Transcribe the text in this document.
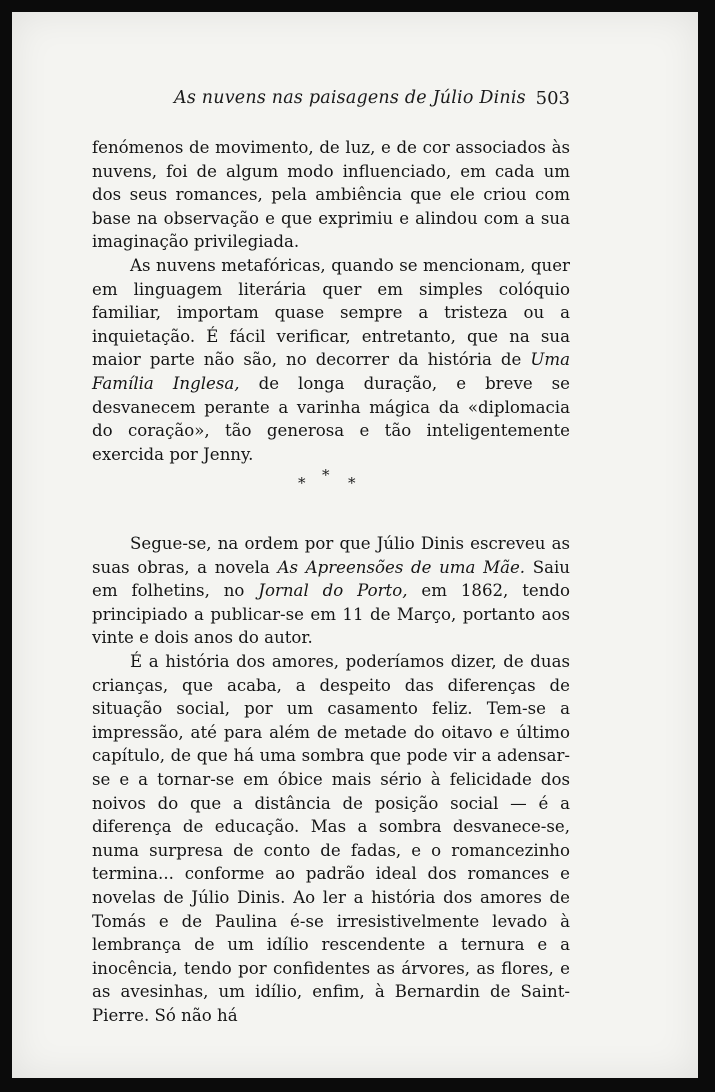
As nuvens nas paisagens de Júlio Dinis 503

fenómenos de movimento, de luz, e de cor associados às nuvens, foi de algum modo influenciado, em cada um dos seus romances, pela ambiência que ele criou com base na observação e que exprimiu e alindou com a sua imaginação privilegiada.

As nuvens metafóricas, quando se mencionam, quer em linguagem literária quer em simples colóquio familiar, importam quase sempre a tristeza ou a inquietação. É fácil verificar, entretanto, que na sua maior parte não são, no decorrer da história de Uma Família Inglesa, de longa duração, e breve se desvanecem perante a varinha mágica da «diplomacia do coração», tão generosa e tão inteligentemente exercida por Jenny.

* * *

Segue-se, na ordem por que Júlio Dinis escreveu as suas obras, a novela As Apreensões de uma Mãe. Saiu em folhetins, no Jornal do Porto, em 1862, tendo principiado a publicar-se em 11 de Março, portanto aos vinte e dois anos do autor.

É a história dos amores, poderíamos dizer, de duas crianças, que acaba, a despeito das diferenças de situação social, por um casamento feliz. Tem-se a impressão, até para além de metade do oitavo e último capítulo, de que há uma sombra que pode vir a adensar-se e a tornar-se em óbice mais sério à felicidade dos noivos do que a distância de posição social — é a diferença de educação. Mas a sombra desvanece-se, numa surpresa de conto de fadas, e o romancezinho termina... conforme ao padrão ideal dos romances e novelas de Júlio Dinis. Ao ler a história dos amores de Tomás e de Paulina é-se irresistivelmente levado à lembrança de um idílio rescendente a ternura e a inocência, tendo por confidentes as árvores, as flores, e as avesinhas, um idílio, enfim, à Bernardin de Saint-Pierre. Só não há
